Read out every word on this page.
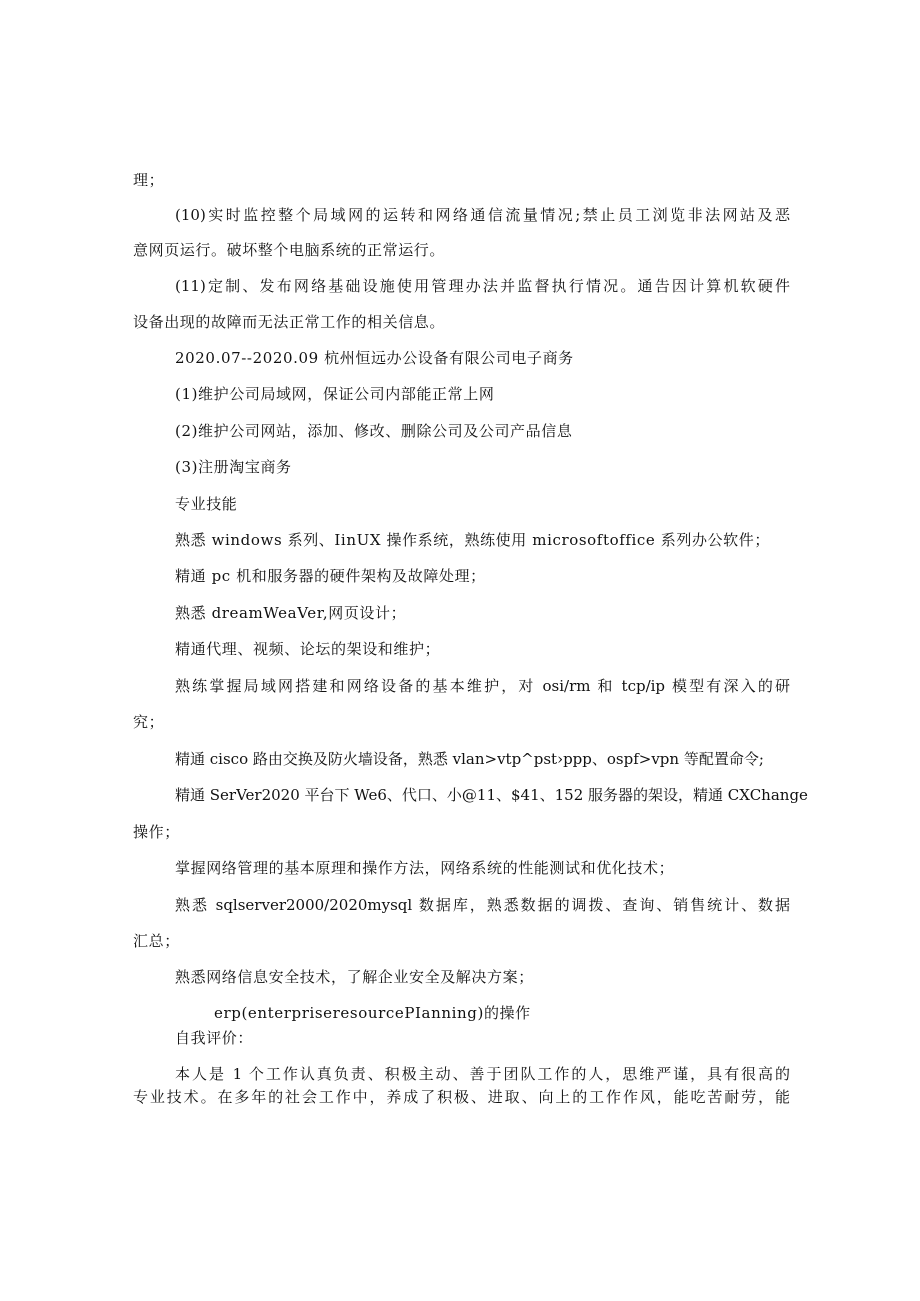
理；
(10)实时监控整个局域网的运转和网络通信流量情况;禁止员工浏览非法网站及恶
意网页运行。破坏整个电脑系统的正常运行。
(11)定制、发布网络基础设施使用管理办法并监督执行情况。通告因计算机软硬件
设备出现的故障而无法正常工作的相关信息。
2020.07--2020.09 杭州恒远办公设备有限公司电子商务
(1)维护公司局域网，保证公司内部能正常上网
(2)维护公司网站，添加、修改、删除公司及公司产品信息
(3)注册淘宝商务
专业技能
熟悉 windows 系列、IinUX 操作系统，熟练使用 microsoftoffice 系列办公软件；
精通 pc 机和服务器的硬件架构及故障处理；
熟悉 dreamWeaVer,网页设计；
精通代理、视频、论坛的架设和维护；
熟练掌握局域网搭建和网络设备的基本维护，对 osi/rm 和 tcp/ip 模型有深入的研
究；
精通 cisco 路由交换及防火墙设备，熟悉 vlan>vtp^pst›ppp、ospf>vpn 等配置命令;
精通 SerVer2020 平台下 We6、代口、小@11、$41、152 服务器的架设，精通 CXChange
操作；
掌握网络管理的基本原理和操作方法，网络系统的性能测试和优化技术；
熟悉 sqlserver2000/2020mysql 数据库，熟悉数据的调拨、查询、销售统计、数据
汇总；
熟悉网络信息安全技术，了解企业安全及解决方案；
erp(enterpriseresourcePIanning)的操作
自我评价：
本人是 1 个工作认真负责、积极主动、善于团队工作的人，思维严谨，具有很高的
专业技术。在多年的社会工作中，养成了积极、进取、向上的工作作风，能吃苦耐劳，能
